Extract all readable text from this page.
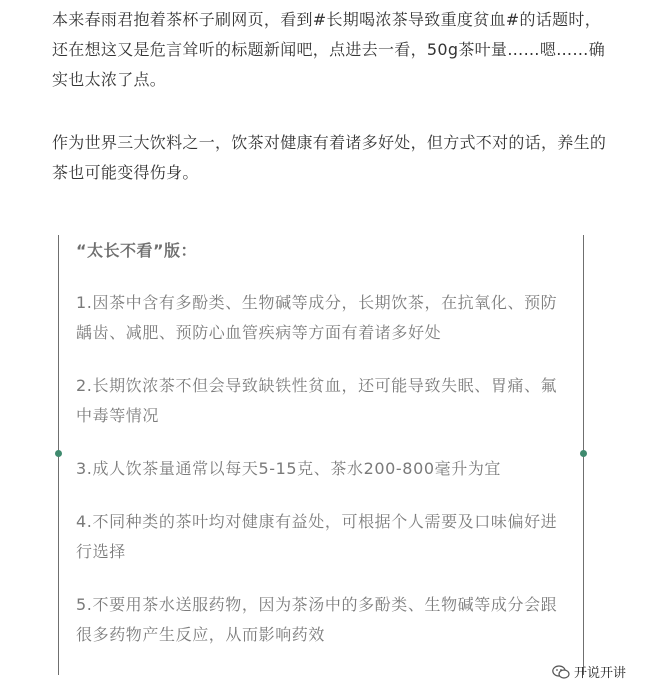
本来春雨君抱着茶杯子刷网页，看到#长期喝浓茶导致重度贫血#的话题时，还在想这又是危言耸听的标题新闻吧，点进去一看，50g茶叶量……嗯……确实也太浓了点。

作为世界三大饮料之一，饮茶对健康有着诸多好处，但方式不对的话，养生的茶也可能变得伤身。

“太长不看”版：

1.因茶中含有多酚类、生物碱等成分，长期饮茶，在抗氧化、预防龋齿、减肥、预防心血管疾病等方面有着诸多好处

2.长期饮浓茶不但会导致缺铁性贫血，还可能导致失眠、胃痛、氟中毒等情况

3.成人饮茶量通常以每天5-15克、茶水200-800毫升为宜

4.不同种类的茶叶均对健康有益处，可根据个人需要及口味偏好进行选择

5.不要用茶水送服药物，因为茶汤中的多酚类、生物碱等成分会跟很多药物产生反应，从而影响药效

开说开讲
